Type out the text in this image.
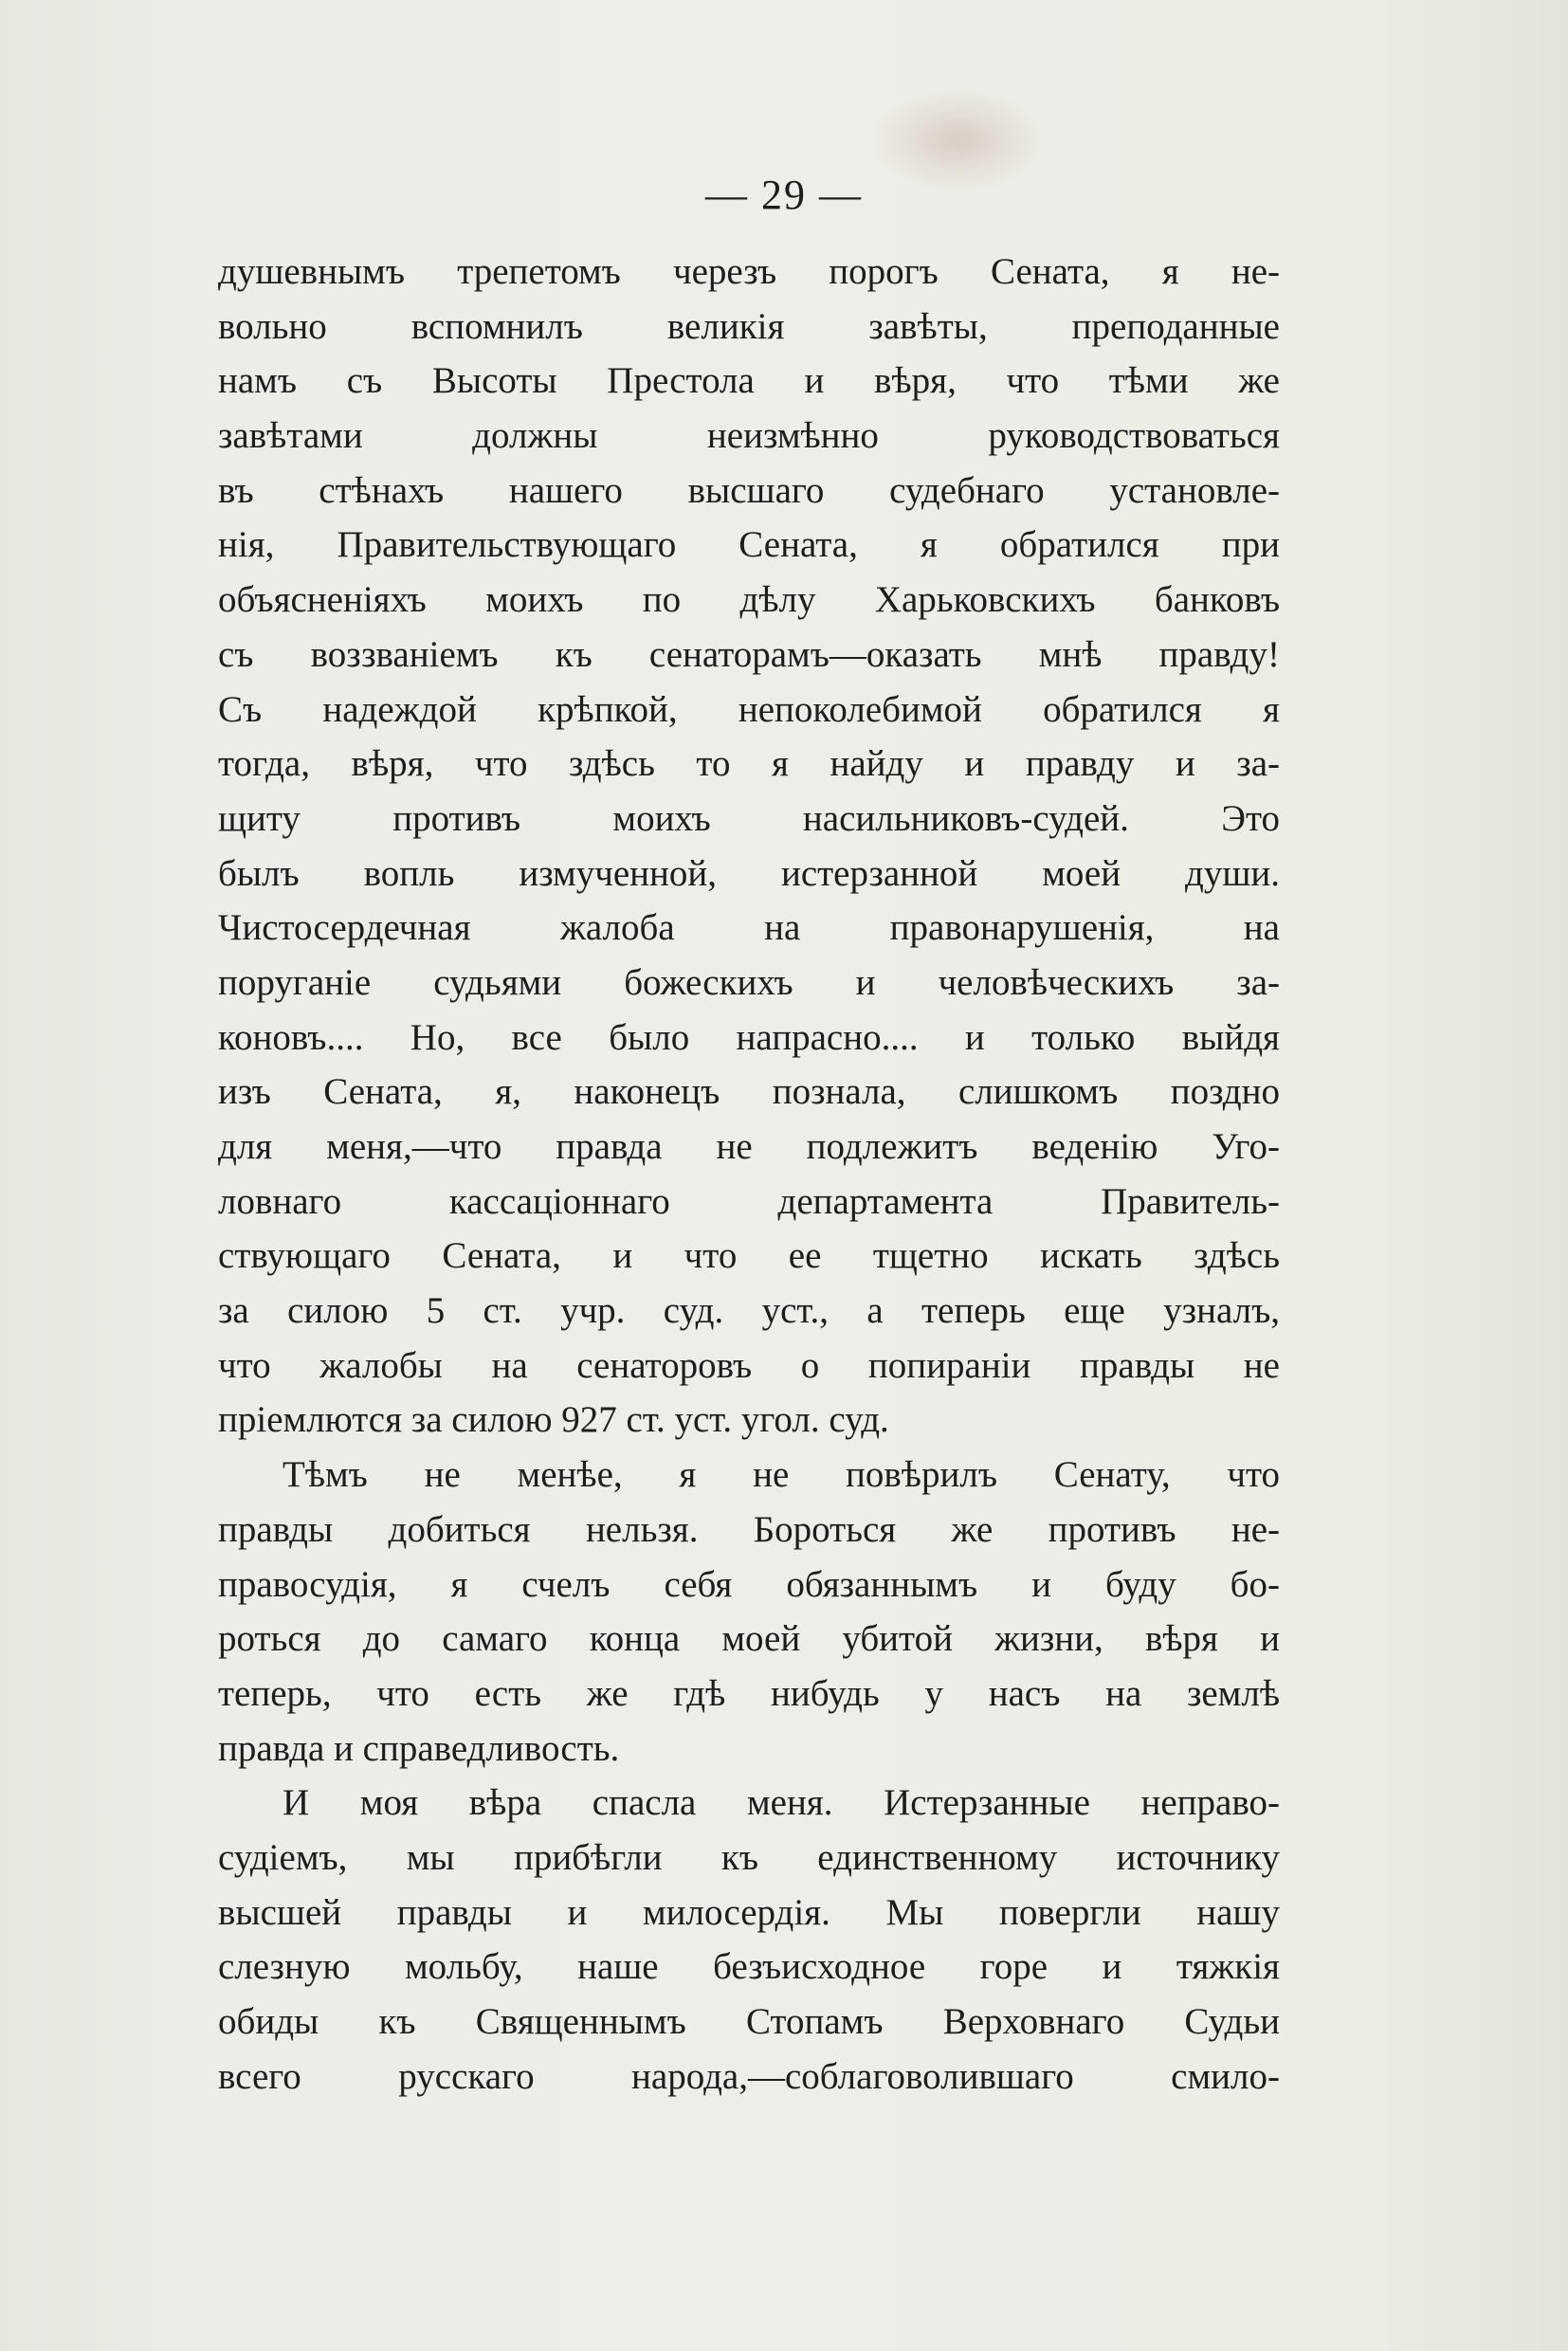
— 29 —
душевнымъ трепетомъ черезъ порогъ Сената, я не-
вольно вспомнилъ великія завѣты, преподанные
намъ съ Высоты Престола и вѣря, что тѣми же
завѣтами должны неизмѣнно руководствоваться
въ стѣнахъ нашего высшаго судебнаго установле-
нія, Правительствующаго Сената, я обратился при
объясненіяхъ моихъ по дѣлу Харьковскихъ банковъ
съ воззваніемъ къ сенаторамъ—оказать мнѣ правду!
Съ надеждой крѣпкой, непоколебимой обратился я
тогда, вѣря, что здѣсь то я найду и правду и за-
щиту противъ моихъ насильниковъ-судей. Это
былъ вопль измученной, истерзанной моей души.
Чистосердечная жалоба на правонарушенія, на
поруганіе судьями божескихъ и человѣческихъ за-
коновъ.... Но, все было напрасно.... и только выйдя
изъ Сената, я, наконецъ познала, слишкомъ поздно
для меня,—что правда не подлежитъ веденію Уго-
ловнаго кассаціоннаго департамента Правитель-
ствующаго Сената, и что ее тщетно искать здѣсь
за силою 5 ст. учр. суд. уст., а теперь еще узналъ,
что жалобы на сенаторовъ о попираніи правды не
пріемлются за силою 927 ст. уст. угол. суд.
Тѣмъ не менѣе, я не повѣрилъ Сенату, что
правды добиться нельзя. Бороться же противъ не-
правосудія, я счелъ себя обязаннымъ и буду бо-
роться до самаго конца моей убитой жизни, вѣря и
теперь, что есть же гдѣ нибудь у насъ на землѣ
правда и справедливость.
И моя вѣра спасла меня. Истерзанные неправо-
судіемъ, мы прибѣгли къ единственному источнику
высшей правды и милосердія. Мы повергли нашу
слезную мольбу, наше безъисходное горе и тяжкія
обиды къ Священнымъ Стопамъ Верховнаго Судьи
всего русскаго народа,—соблаговолившаго смило-
